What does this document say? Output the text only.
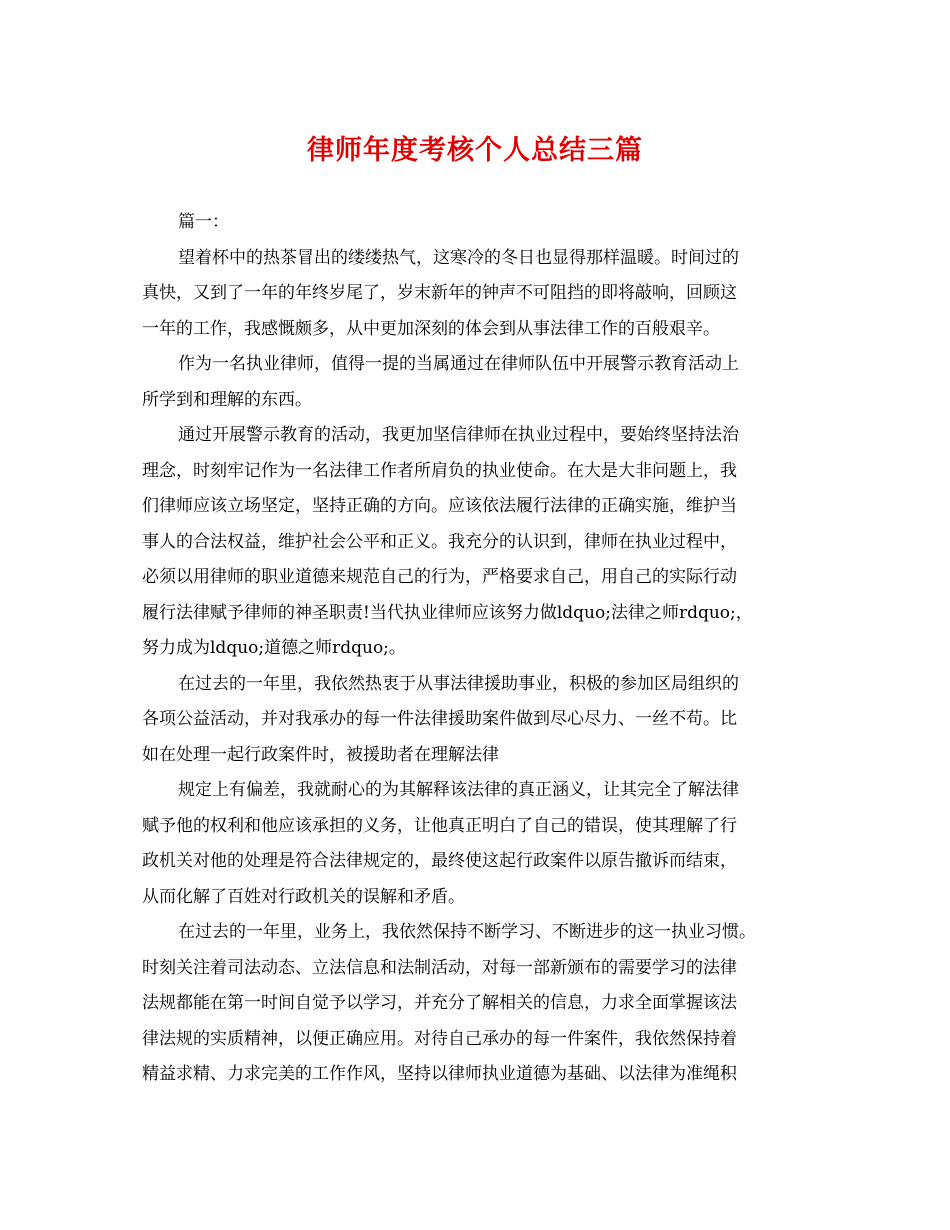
律师年度考核个人总结三篇
篇一：
望着杯中的热茶冒出的缕缕热气，这寒冷的冬日也显得那样温暖。时间过的
真快，又到了一年的年终岁尾了，岁末新年的钟声不可阻挡的即将敲响，回顾这
一年的工作，我感慨颇多，从中更加深刻的体会到从事法律工作的百般艰辛。
作为一名执业律师，值得一提的当属通过在律师队伍中开展警示教育活动上
所学到和理解的东西。
通过开展警示教育的活动，我更加坚信律师在执业过程中，要始终坚持法治
理念，时刻牢记作为一名法律工作者所肩负的执业使命。在大是大非问题上，我
们律师应该立场坚定，坚持正确的方向。应该依法履行法律的正确实施，维护当
事人的合法权益，维护社会公平和正义。我充分的认识到，律师在执业过程中，
必须以用律师的职业道德来规范自己的行为，严格要求自己，用自己的实际行动
履行法律赋予律师的神圣职责!当代执业律师应该努力做ldquo;法律之师rdquo;，
努力成为ldquo;道德之师rdquo;。
在过去的一年里，我依然热衷于从事法律援助事业，积极的参加区局组织的
各项公益活动，并对我承办的每一件法律援助案件做到尽心尽力、一丝不苟。比
如在处理一起行政案件时，被援助者在理解法律
规定上有偏差，我就耐心的为其解释该法律的真正涵义，让其完全了解法律
赋予他的权利和他应该承担的义务，让他真正明白了自己的错误，使其理解了行
政机关对他的处理是符合法律规定的，最终使这起行政案件以原告撤诉而结束，
从而化解了百姓对行政机关的误解和矛盾。
在过去的一年里，业务上，我依然保持不断学习、不断进步的这一执业习惯。
时刻关注着司法动态、立法信息和法制活动，对每一部新颁布的需要学习的法律
法规都能在第一时间自觉予以学习，并充分了解相关的信息，力求全面掌握该法
律法规的实质精神，以便正确应用。对待自己承办的每一件案件，我依然保持着
精益求精、力求完美的工作作风，坚持以律师执业道德为基础、以法律为准绳积
